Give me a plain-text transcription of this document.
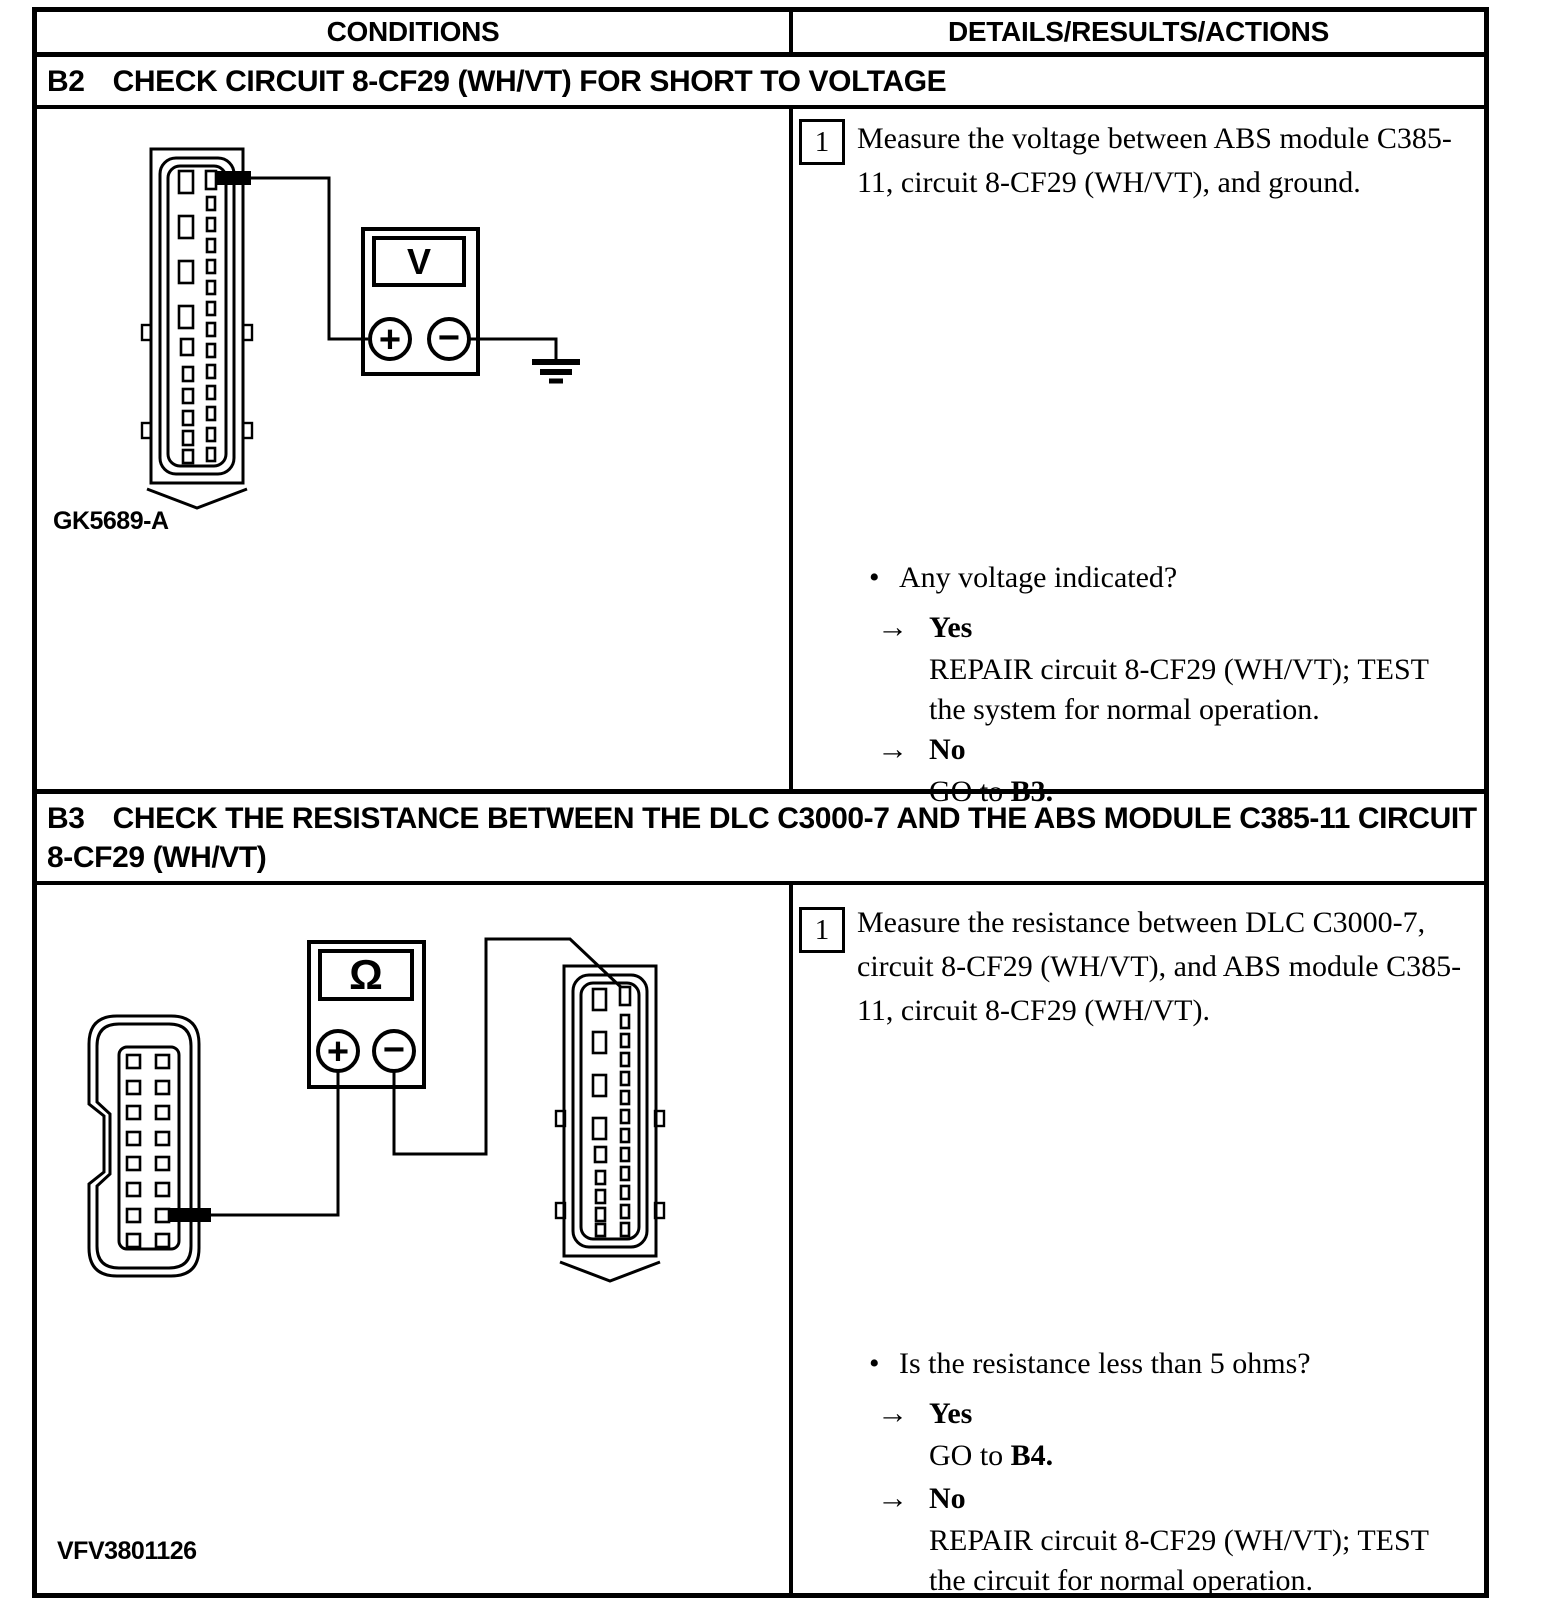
CONDITIONS	DETAILS/RESULTS/ACTIONS
B2 CHECK CIRCUIT 8-CF29 (WH/VT) FOR SHORT TO VOLTAGE
V
+ −
GK5689-A
1 Measure the voltage between ABS module C385-11, circuit 8-CF29 (WH/VT), and ground.
• Any voltage indicated?
→ Yes
REPAIR circuit 8-CF29 (WH/VT); TEST the system for normal operation.
→ No
GO to B3.
B3 CHECK THE RESISTANCE BETWEEN THE DLC C3000-7 AND THE ABS MODULE C385-11 CIRCUIT 8-CF29 (WH/VT)
Ω
+ −
VFV3801126
1 Measure the resistance between DLC C3000-7, circuit 8-CF29 (WH/VT), and ABS module C385-11, circuit 8-CF29 (WH/VT).
• Is the resistance less than 5 ohms?
→ Yes
GO to B4.
→ No
REPAIR circuit 8-CF29 (WH/VT); TEST the circuit for normal operation.
